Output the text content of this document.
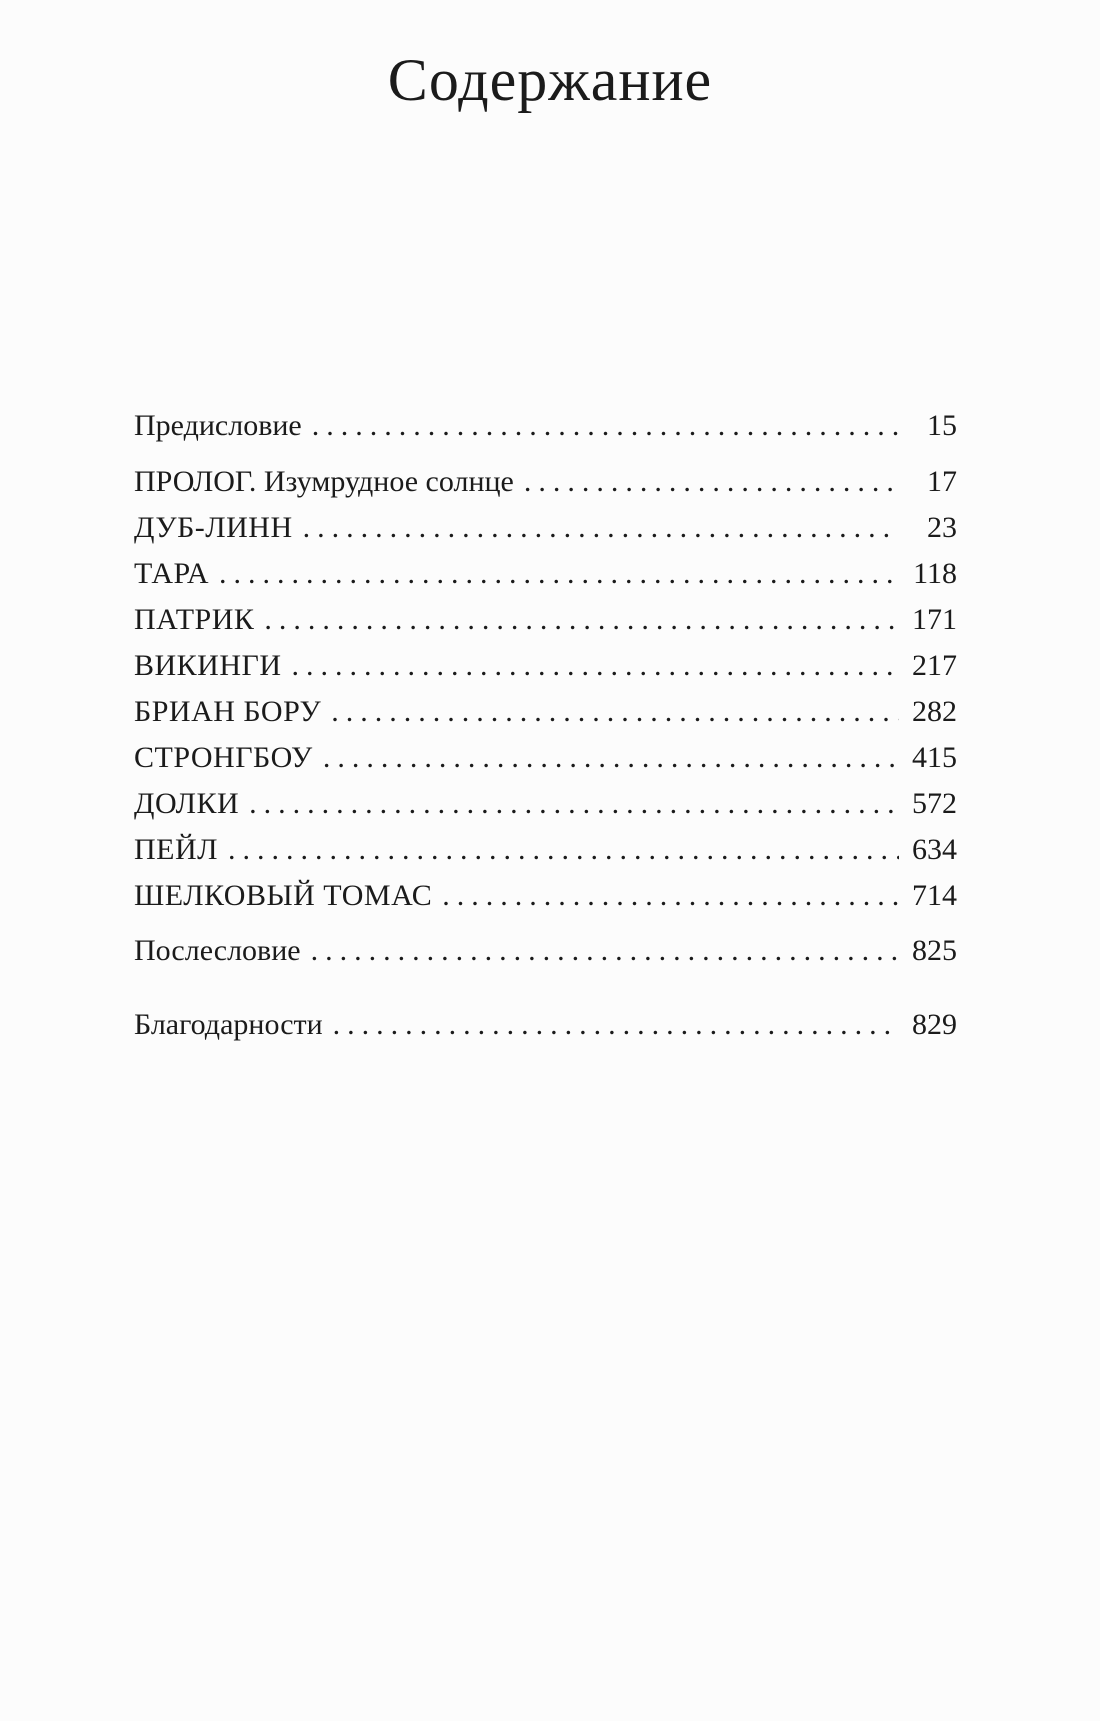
Содержание
Предисловие .....	15
ПРОЛОГ. Изумрудное солнце .....	17
ДУБ-ЛИНН .....	23
ТАРА .....	118
ПАТРИК .....	171
ВИКИНГИ .....	217
БРИАН БОРУ .....	282
СТРОНГБОУ .....	415
ДОЛКИ .....	572
ПЕЙЛ .....	634
ШЕЛКОВЫЙ ТОМАС .....	714
Послесловие .....	825
Благодарности .....	829
